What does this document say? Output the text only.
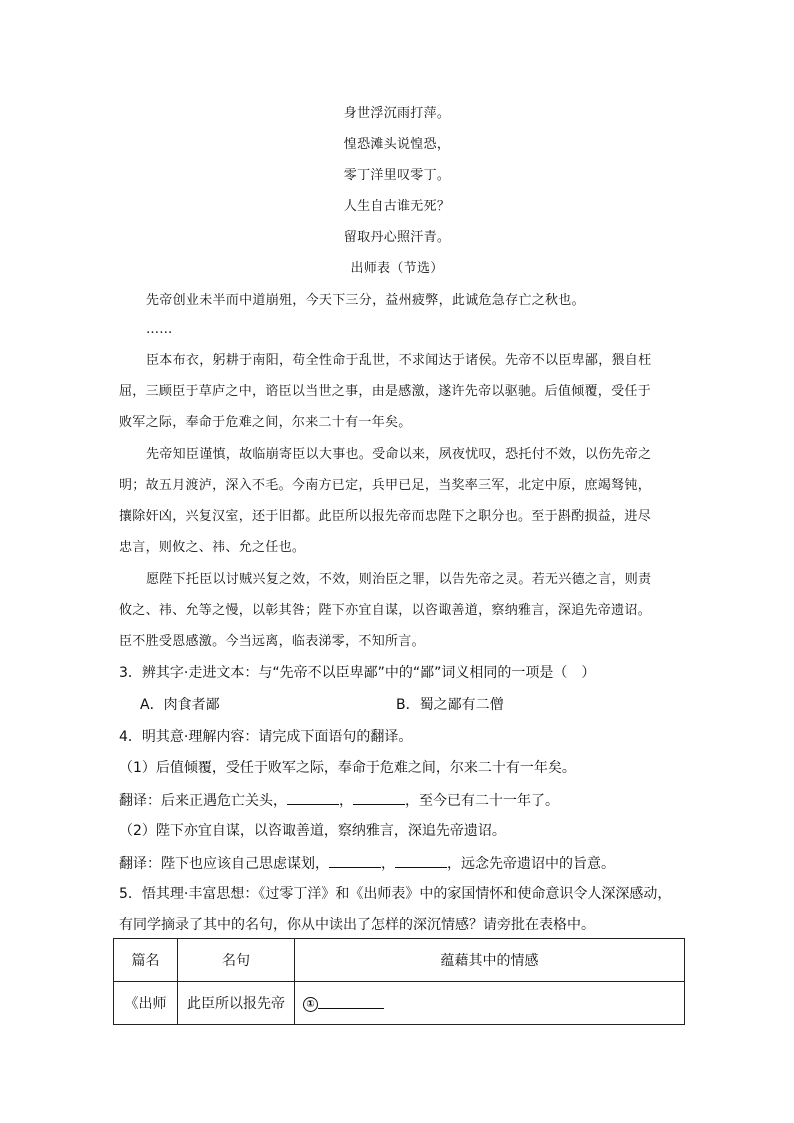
身世浮沉雨打萍。
惶恐滩头说惶恐，
零丁洋里叹零丁。
人生自古谁无死？
留取丹心照汗青。
出师表（节选）
先帝创业未半而中道崩殂，今天下三分，益州疲弊，此诚危急存亡之秋也。
……
臣本布衣，躬耕于南阳，苟全性命于乱世，不求闻达于诸侯。先帝不以臣卑鄙，猥自枉
屈，三顾臣于草庐之中，谘臣以当世之事，由是感激，遂许先帝以驱驰。后值倾覆，受任于
败军之际，奉命于危难之间，尔来二十有一年矣。
先帝知臣谨慎，故临崩寄臣以大事也。受命以来，夙夜忧叹，恐托付不效，以伤先帝之
明；故五月渡泸，深入不毛。今南方已定，兵甲已足，当奖率三军，北定中原，庶竭驽钝，
攘除奸凶，兴复汉室，还于旧都。此臣所以报先帝而忠陛下之职分也。至于斟酌损益，进尽
忠言，则攸之、祎、允之任也。
愿陛下托臣以讨贼兴复之效，不效，则治臣之罪，以告先帝之灵。若无兴德之言，则责
攸之、祎、允等之慢，以彰其咎；陛下亦宜自谋，以咨诹善道，察纳雅言，深追先帝遗诏。
臣不胜受恩感激。今当远离，临表涕零，不知所言。
3．辨其字·走进文本：与“先帝不以臣卑鄙”中的“鄙”词义相同的一项是（　）
A．肉食者鄙	B．蜀之鄙有二僧
4．明其意·理解内容：请完成下面语句的翻译。
（1）后值倾覆，受任于败军之际，奉命于危难之间，尔来二十有一年矣。
翻译：后来正遇危亡关头，	，	，至今已有二十一年了。
（2）陛下亦宜自谋，以咨诹善道，察纳雅言，深追先帝遗诏。
翻译：陛下也应该自己思虑谋划，	，	，远念先帝遗诏中的旨意。
5．悟其理·丰富思想：《过零丁洋》和《出师表》中的家国情怀和使命意识令人深深感动，
有同学摘录了其中的名句，你从中读出了怎样的深沉情感？请旁批在表格中。
篇名	名句	蕴藉其中的情感
《出师	此臣所以报先帝	①
